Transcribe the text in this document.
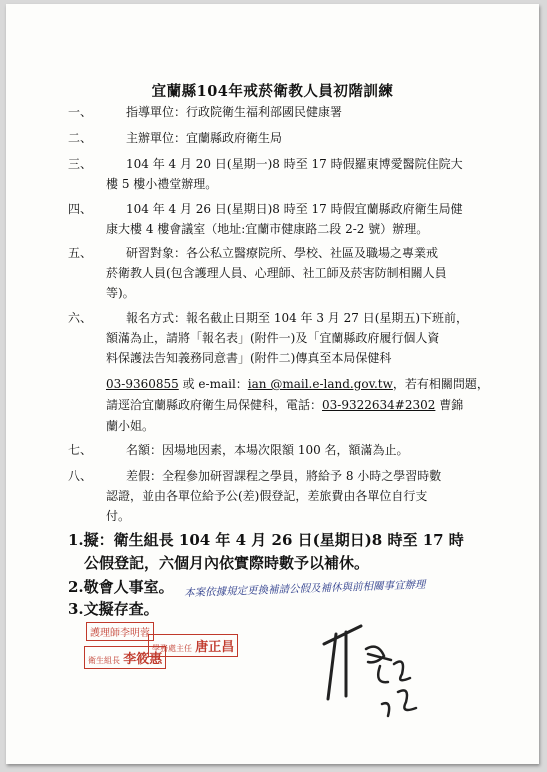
宜蘭縣104年戒菸衛教人員初階訓練
一、	指導單位：行政院衛生福利部國民健康署
二、	主辦單位：宜蘭縣政府衛生局
三、	104 年 4 月 20 日(星期一)8 時至 17 時假羅東博愛醫院住院大
樓 5 樓小禮堂辦理。
四、	104 年 4 月 26 日(星期日)8 時至 17 時假宜蘭縣政府衛生局健
康大樓 4 樓會議室（地址:宜蘭市健康路二段 2-2 號）辦理。
五、	研習對象：各公私立醫療院所、學校、社區及職場之專業戒
菸衛教人員(包含護理人員、心理師、社工師及菸害防制相關人員
等)。
六、	報名方式：報名截止日期至 104 年 3 月 27 日(星期五)下班前，
額滿為止，請將「報名表」(附件一)及「宜蘭縣政府履行個人資
料保護法告知義務同意書」(附件二)傳真至本局保健科
03-9360855 或 e-mail：ian @mail.e-land.gov.tw，若有相關問題，
請逕洽宜蘭縣政府衛生局保健科，電話：03-9322634#2302 曹錦
蘭小姐。
七、	名額：因場地因素，本場次限額 100 名，額滿為止。
八、	差假：全程參加研習課程之學員，將給予 8 小時之學習時數
認證，並由各單位給予公(差)假登記，差旅費由各單位自行支
付。
1.擬：衛生組長 104 年 4 月 26 日(星期日)8 時至 17 時
公假登記，六個月內依實際時數予以補休。
2.敬會人事室。
3.文擬存查。
本案依據規定更換補請公假及補休與前相關事宜辦理
護理師李明蓉
衛生組長 李筱惠
學務處主任 唐正昌
